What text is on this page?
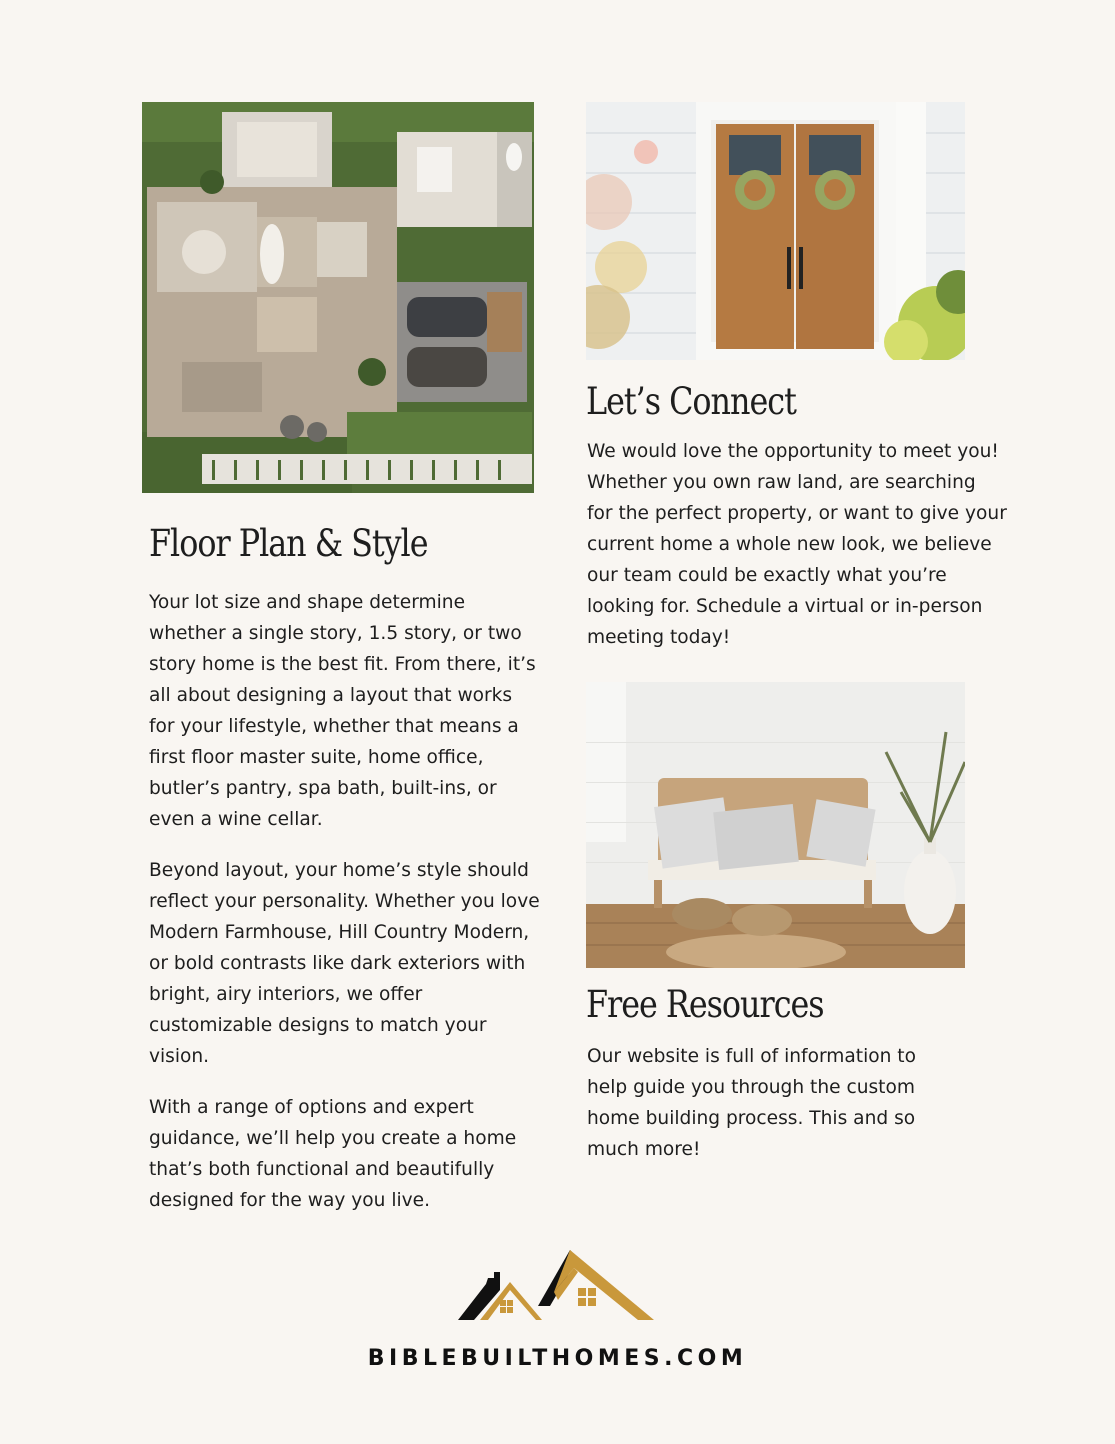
Floor Plan & Style

Your lot size and shape determine whether a single story, 1.5 story, or two story home is the best fit. From there, it’s all about designing a layout that works for your lifestyle, whether that means a first floor master suite, home office, butler’s pantry, spa bath, built-ins, or even a wine cellar.

Beyond layout, your home’s style should reflect your personality. Whether you love Modern Farmhouse, Hill Country Modern, or bold contrasts like dark exteriors with bright, airy interiors, we offer customizable designs to match your vision.

With a range of options and expert guidance, we’ll help you create a home that’s both functional and beautifully designed for the way you live.

Let’s Connect

We would love the opportunity to meet you! Whether you own raw land, are searching for the perfect property, or want to give your current home a whole new look, we believe our team could be exactly what you’re looking for. Schedule a virtual or in-person meeting today!

Free Resources

Our website is full of information to help guide you through the custom home building process. This and so much more!

BIBLEBUILTHOMES.COM
